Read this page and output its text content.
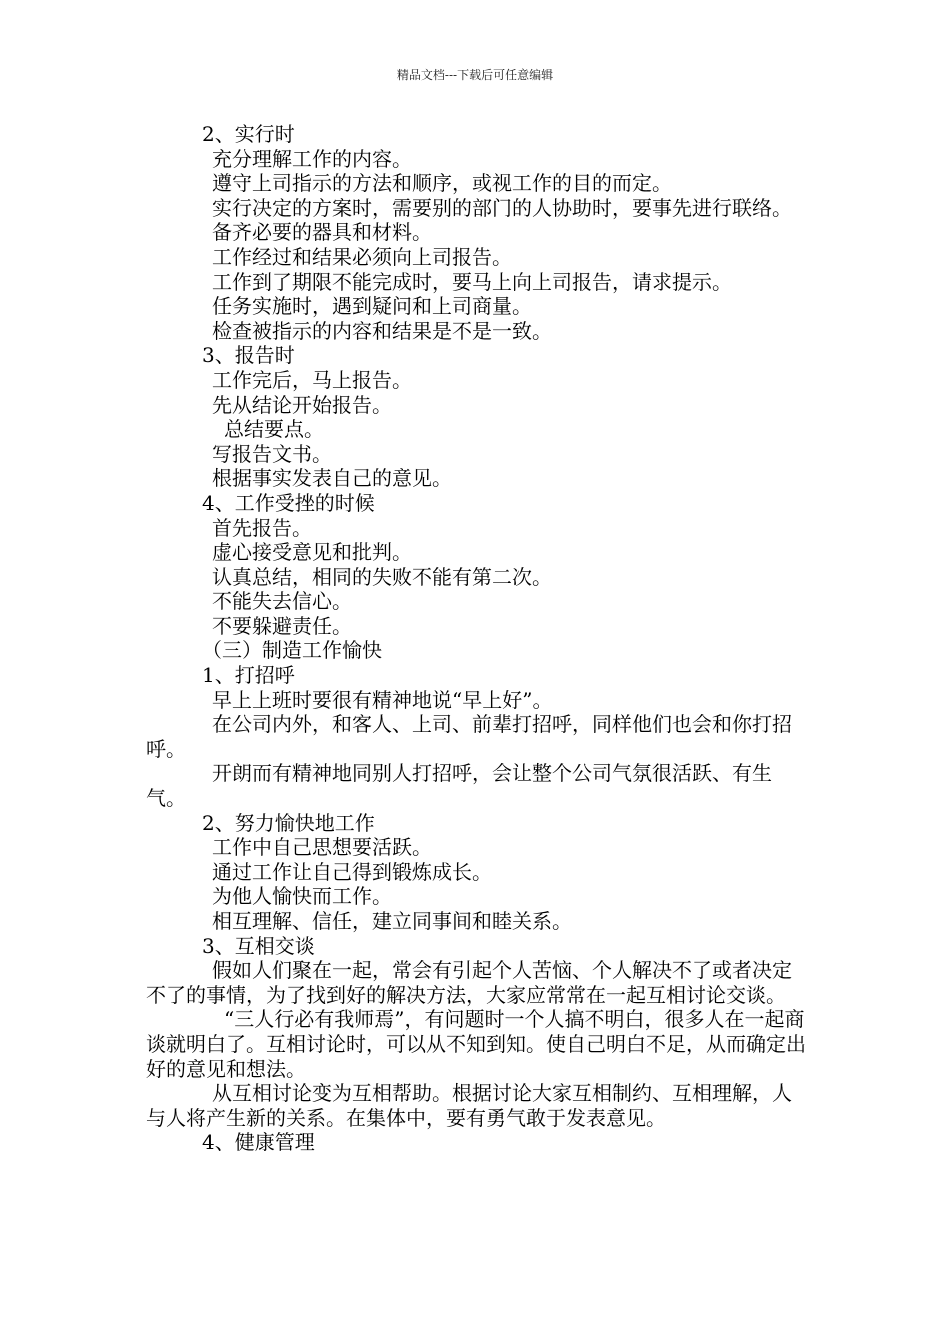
精品文档---下载后可任意编辑
2、实行时
充分理解工作的内容。
遵守上司指示的方法和顺序，或视工作的目的而定。
实行决定的方案时，需要别的部门的人协助时，要事先进行联络。
备齐必要的器具和材料。
工作经过和结果必须向上司报告。
工作到了期限不能完成时，要马上向上司报告，请求提示。
任务实施时，遇到疑问和上司商量。
检查被指示的内容和结果是不是一致。
3、报告时
工作完后，马上报告。
先从结论开始报告。
总结要点。
写报告文书。
根据事实发表自己的意见。
4、工作受挫的时候
首先报告。
虚心接受意见和批判。
认真总结，相同的失败不能有第二次。
不能失去信心。
不要躲避责任。
（三）制造工作愉快
1、打招呼
早上上班时要很有精神地说“早上好”。
在公司内外，和客人、上司、前辈打招呼，同样他们也会和你打招呼。
开朗而有精神地同别人打招呼，会让整个公司气氛很活跃、有生气。
2、努力愉快地工作
工作中自己思想要活跃。
通过工作让自己得到锻炼成长。
为他人愉快而工作。
相互理解、信任，建立同事间和睦关系。
3、互相交谈
假如人们聚在一起，常会有引起个人苦恼、个人解决不了或者决定不了的事情，为了找到好的解决方法，大家应常常在一起互相讨论交谈。
“三人行必有我师焉”，有问题时一个人搞不明白，很多人在一起商谈就明白了。互相讨论时，可以从不知到知。使自己明白不足，从而确定出好的意见和想法。
从互相讨论变为互相帮助。根据讨论大家互相制约、互相理解，人与人将产生新的关系。在集体中，要有勇气敢于发表意见。
4、健康管理
